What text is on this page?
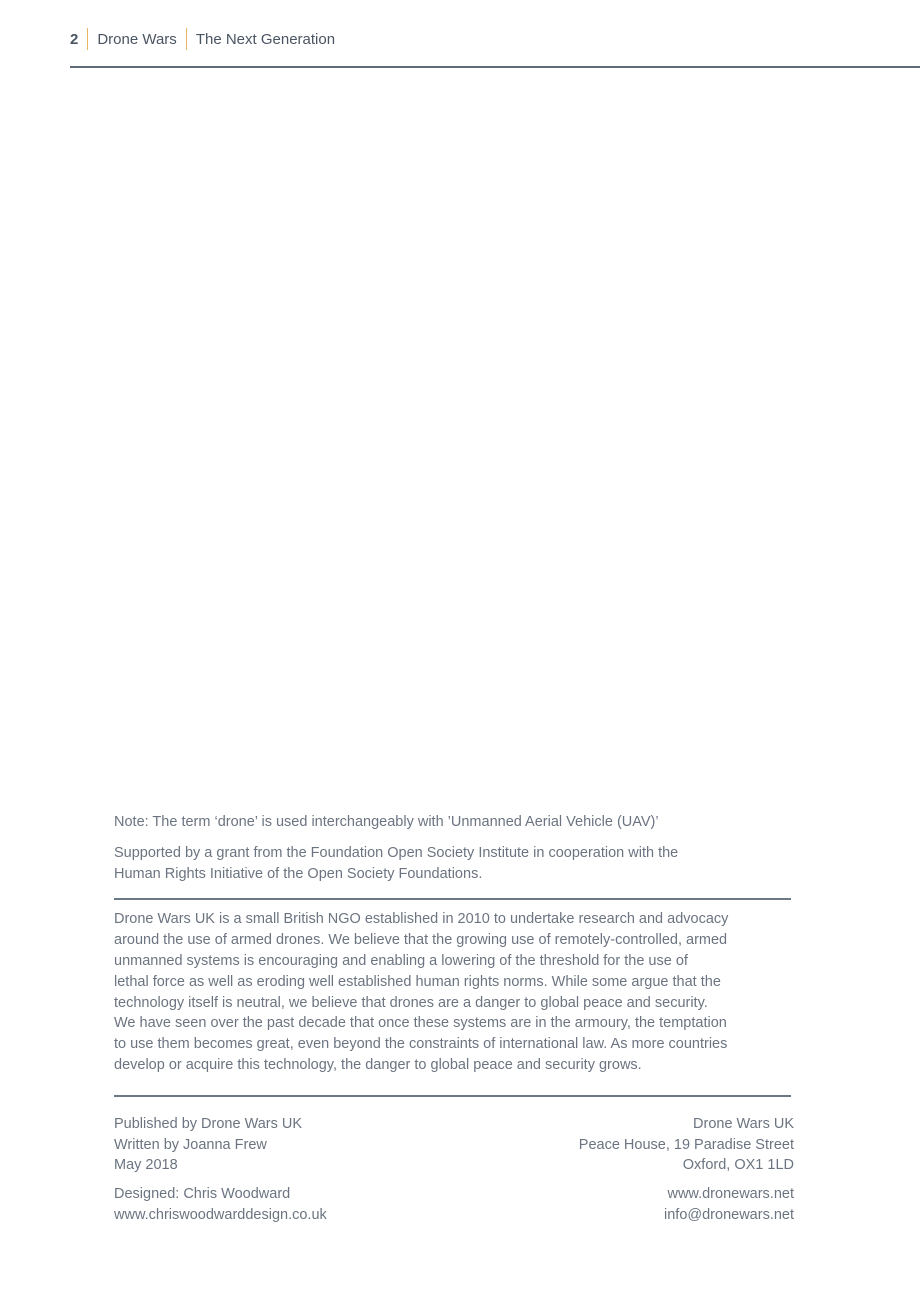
2 Drone Wars The Next Generation

Note: The term ‘drone’ is used interchangeably with ’Unmanned Aerial Vehicle (UAV)’

Supported by a grant from the Foundation Open Society Institute in cooperation with the
Human Rights Initiative of the Open Society Foundations.

Drone Wars UK is a small British NGO established in 2010 to undertake research and advocacy
around the use of armed drones. We believe that the growing use of remotely-controlled, armed
unmanned systems is encouraging and enabling a lowering of the threshold for the use of
lethal force as well as eroding well established human rights norms. While some argue that the
technology itself is neutral, we believe that drones are a danger to global peace and security.
We have seen over the past decade that once these systems are in the armoury, the temptation
to use them becomes great, even beyond the constraints of international law. As more countries
develop or acquire this technology, the danger to global peace and security grows.

Published by Drone Wars UK
Written by Joanna Frew
May 2018

Designed: Chris Woodward
www.chriswoodwarddesign.co.uk

Drone Wars UK
Peace House, 19 Paradise Street
Oxford, OX1 1LD

www.dronewars.net
info@dronewars.net
